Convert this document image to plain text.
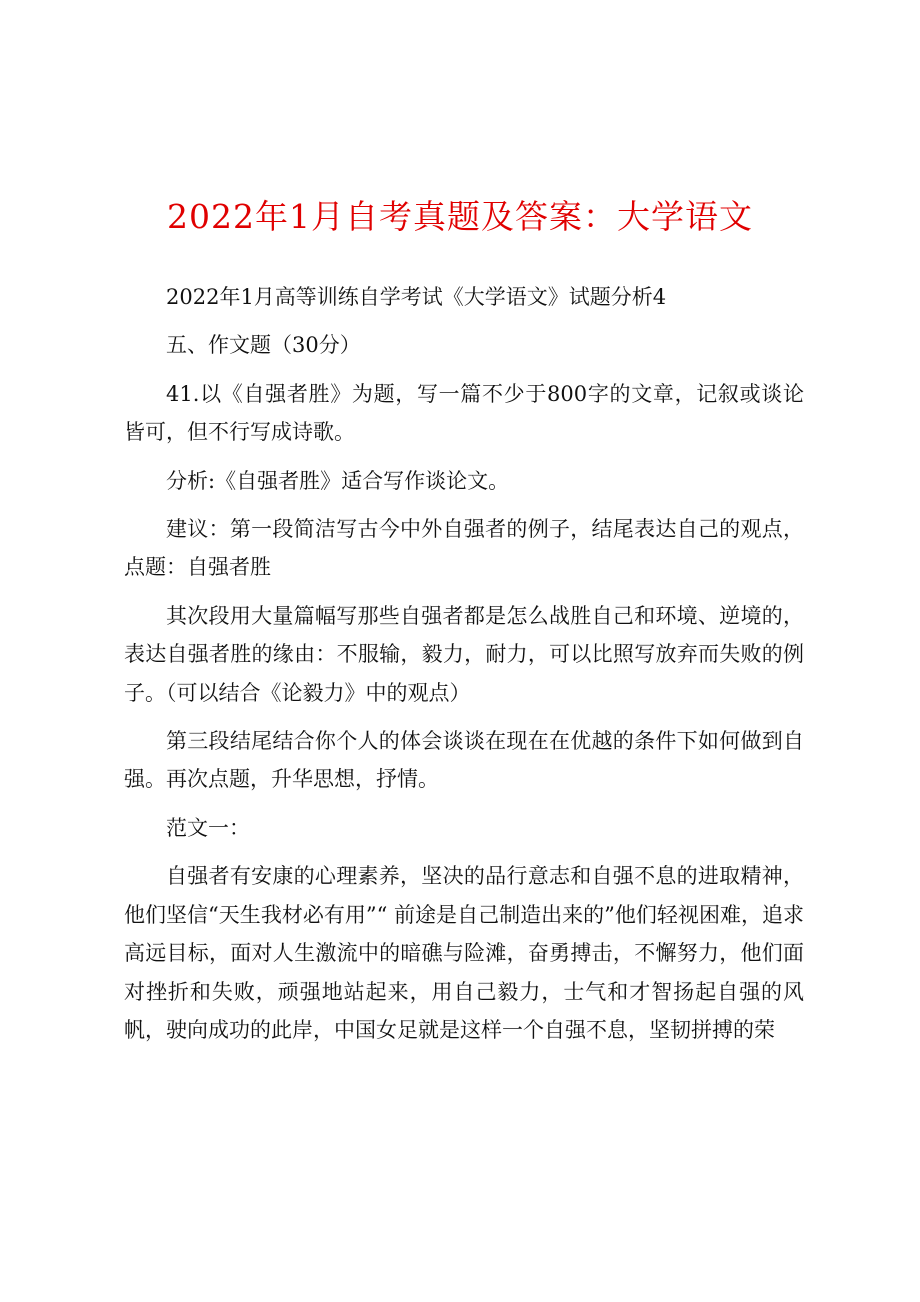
2022年1月自考真题及答案：大学语文

2022年1月高等训练自学考试《大学语文》试题分析4

五、作文题（30分）

41.以《自强者胜》为题，写一篇不少于800字的文章，记叙或谈论皆可，但不行写成诗歌。

分析:《自强者胜》适合写作谈论文。

建议：第一段简洁写古今中外自强者的例子，结尾表达自己的观点，点题：自强者胜

其次段用大量篇幅写那些自强者都是怎么战胜自己和环境、逆境的，表达自强者胜的缘由：不服输，毅力，耐力，可以比照写放弃而失败的例子。（可以结合《论毅力》中的观点）

第三段结尾结合你个人的体会谈谈在现在在优越的条件下如何做到自强。再次点题，升华思想，抒情。

范文一：

自强者有安康的心理素养，坚决的品行意志和自强不息的进取精神，他们坚信“天生我材必有用”“ 前途是自己制造出来的”他们轻视困难，追求高远目标，面对人生激流中的暗礁与险滩，奋勇搏击，不懈努力，他们面对挫折和失败，顽强地站起来，用自己毅力，士气和才智扬起自强的风帆，驶向成功的此岸，中国女足就是这样一个自强不息，坚韧拼搏的荣
